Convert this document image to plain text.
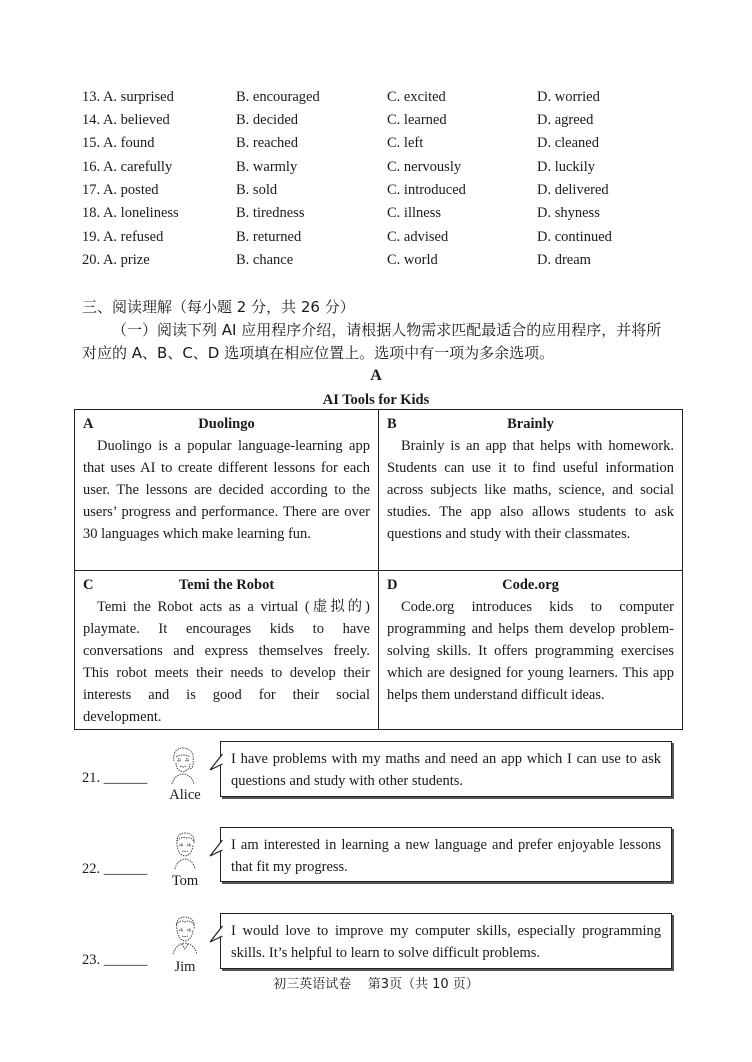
13. A. surprised	B. encouraged	C. excited	D. worried
14. A. believed	B. decided	C. learned	D. agreed
15. A. found	B. reached	C. left	D. cleaned
16. A. carefully	B. warmly	C. nervously	D. luckily
17. A. posted	B. sold	C. introduced	D. delivered
18. A. loneliness	B. tiredness	C. illness	D. shyness
19. A. refused	B. returned	C. advised	D. continued
20. A. prize	B. chance	C. world	D. dream
三、阅读理解（每小题 2 分，共 26 分）
（一）阅读下列 AI 应用程序介绍，请根据人物需求匹配最适合的应用程序，并将所
对应的 A、B、C、D 选项填在相应位置上。选项中有一项为多余选项。
A
AI Tools for Kids
Duolingo
A
Duolingo is a popular language-learning app that uses AI to create different lessons for each user. The lessons are decided according to the users’ progress and performance. There are over 30 languages which make learning fun.
Brainly
B
Brainly is an app that helps with homework. Students can use it to find useful information across subjects like maths, science, and social studies. The app also allows students to ask questions and study with their classmates.
Temi the Robot
C
Temi the Robot acts as a virtual (虚拟的) playmate. It encourages kids to have conversations and express themselves freely. This robot meets their needs to develop their interests and is good for their social development.
Code.org
D
Code.org introduces kids to computer programming and helps them develop problem-solving skills. It offers programming exercises which are designed for young learners. This app helps them understand difficult ideas.
21. ______
Alice
I have problems with my maths and need an app which I can use to ask questions and study with other students.
22. ______
Tom
I am interested in learning a new language and prefer enjoyable lessons that fit my progress.
23. ______	Jim
I would love to improve my computer skills, especially programming skills. It’s helpful to learn to solve difficult problems.
初三英语试卷    第3页（共 10 页）
